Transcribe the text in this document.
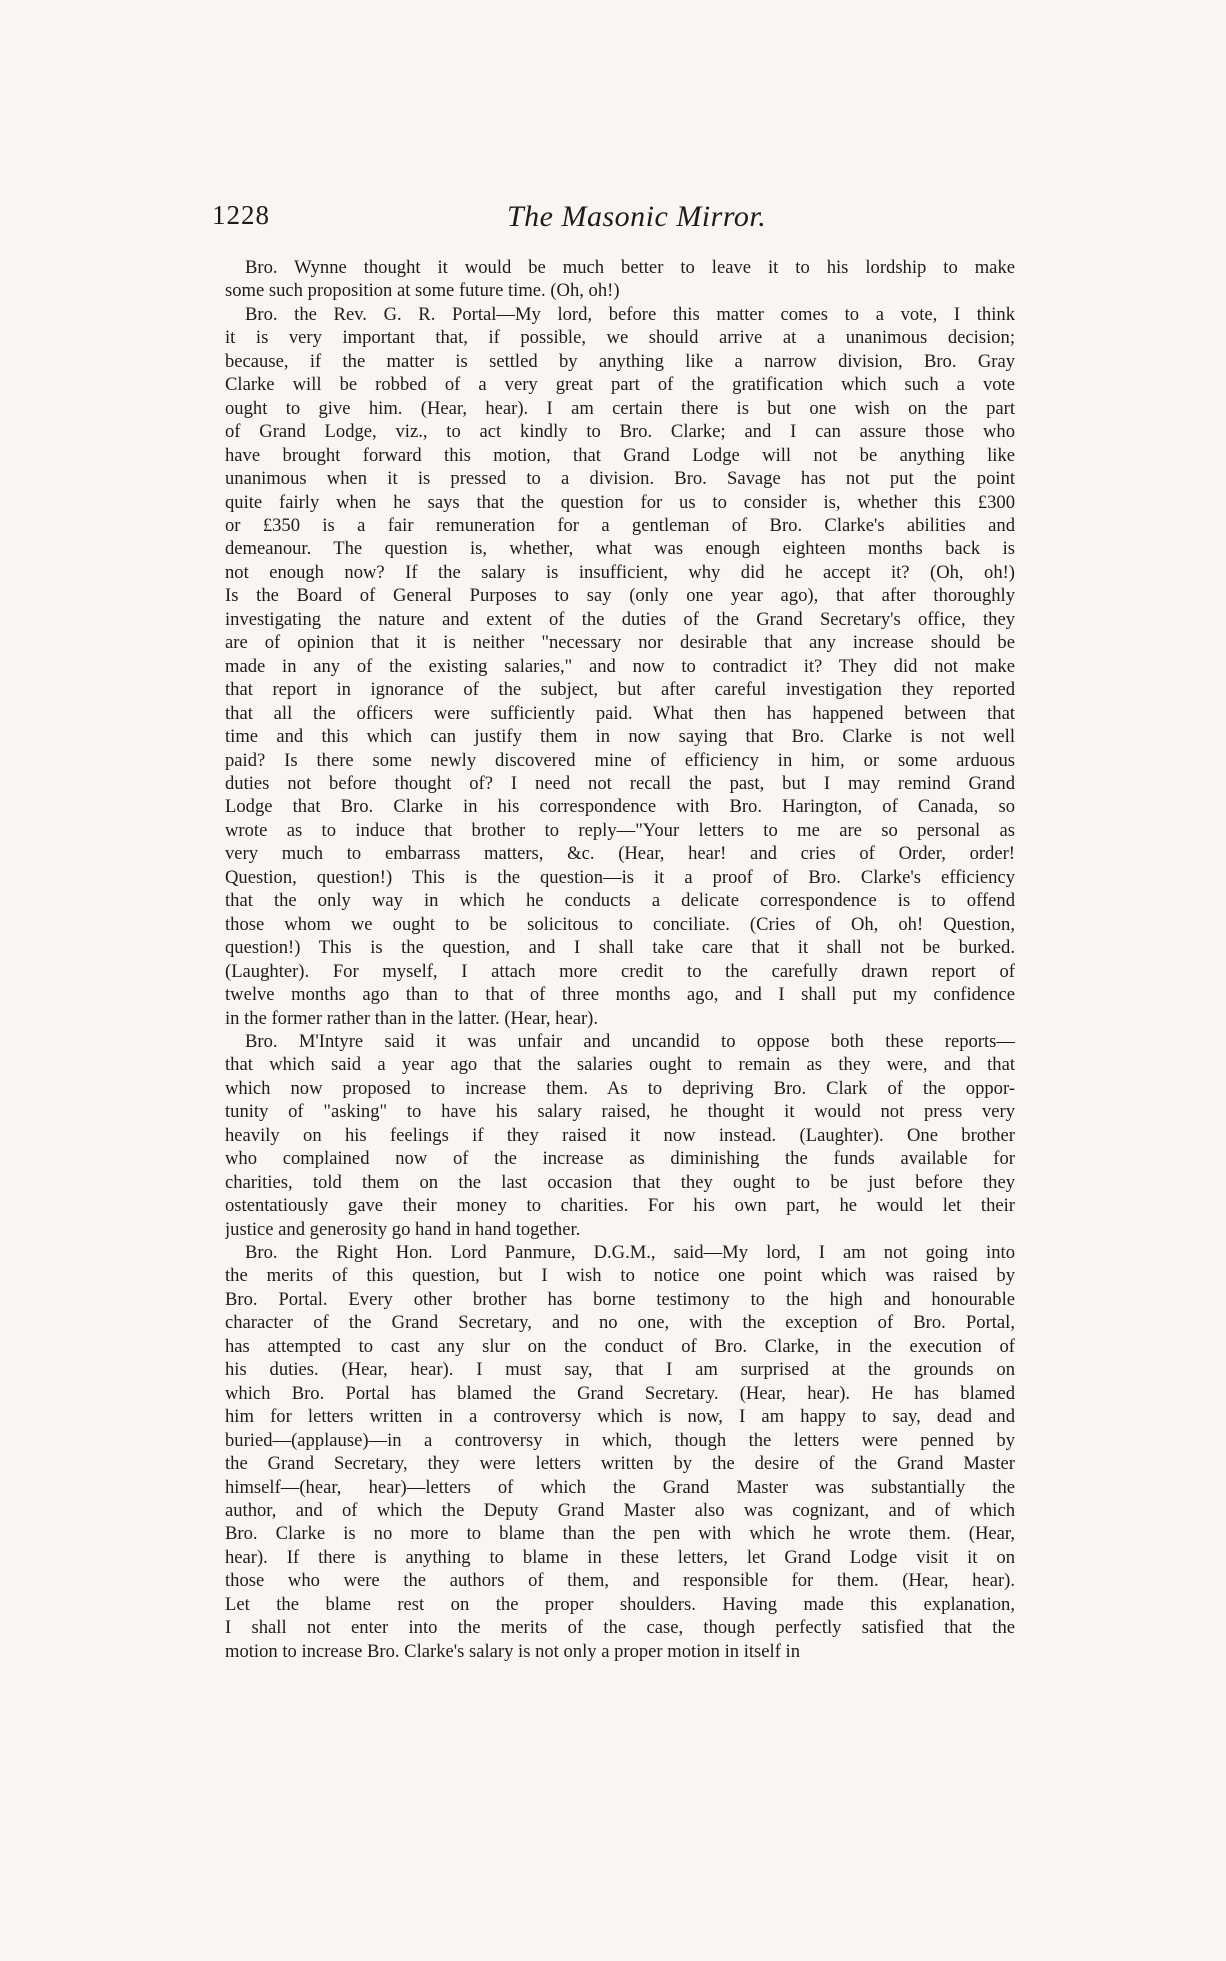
1228	The Masonic Mirror.

Bro. Wynne thought it would be much better to leave it to his lordship to make
some such proposition at some future time. (Oh, oh!)

Bro. the Rev. G. R. Portal—My lord, before this matter comes to a vote, I think
it is very important that, if possible, we should arrive at a unanimous decision;
because, if the matter is settled by anything like a narrow division, Bro. Gray
Clarke will be robbed of a very great part of the gratification which such a vote
ought to give him. (Hear, hear). I am certain there is but one wish on the part
of Grand Lodge, viz., to act kindly to Bro. Clarke; and I can assure those who
have brought forward this motion, that Grand Lodge will not be anything like
unanimous when it is pressed to a division. Bro. Savage has not put the point
quite fairly when he says that the question for us to consider is, whether this £300
or £350 is a fair remuneration for a gentleman of Bro. Clarke's abilities and
demeanour. The question is, whether, what was enough eighteen months back is
not enough now? If the salary is insufficient, why did he accept it? (Oh, oh!)
Is the Board of General Purposes to say (only one year ago), that after thoroughly
investigating the nature and extent of the duties of the Grand Secretary's office, they
are of opinion that it is neither "necessary nor desirable that any increase should be
made in any of the existing salaries," and now to contradict it? They did not make
that report in ignorance of the subject, but after careful investigation they reported
that all the officers were sufficiently paid. What then has happened between that
time and this which can justify them in now saying that Bro. Clarke is not well
paid? Is there some newly discovered mine of efficiency in him, or some arduous
duties not before thought of? I need not recall the past, but I may remind Grand
Lodge that Bro. Clarke in his correspondence with Bro. Harington, of Canada, so
wrote as to induce that brother to reply—"Your letters to me are so personal as
very much to embarrass matters, &c. (Hear, hear! and cries of Order, order!
Question, question!) This is the question—is it a proof of Bro. Clarke's efficiency
that the only way in which he conducts a delicate correspondence is to offend
those whom we ought to be solicitous to conciliate. (Cries of Oh, oh! Question,
question!) This is the question, and I shall take care that it shall not be burked.
(Laughter). For myself, I attach more credit to the carefully drawn report of
twelve months ago than to that of three months ago, and I shall put my confidence
in the former rather than in the latter. (Hear, hear).

Bro. M'Intyre said it was unfair and uncandid to oppose both these reports—
that which said a year ago that the salaries ought to remain as they were, and that
which now proposed to increase them. As to depriving Bro. Clark of the oppor-
tunity of "asking" to have his salary raised, he thought it would not press very
heavily on his feelings if they raised it now instead. (Laughter). One brother
who complained now of the increase as diminishing the funds available for
charities, told them on the last occasion that they ought to be just before they
ostentatiously gave their money to charities. For his own part, he would let their
justice and generosity go hand in hand together.

Bro. the Right Hon. Lord Panmure, D.G.M., said—My lord, I am not going into
the merits of this question, but I wish to notice one point which was raised by
Bro. Portal. Every other brother has borne testimony to the high and honourable
character of the Grand Secretary, and no one, with the exception of Bro. Portal,
has attempted to cast any slur on the conduct of Bro. Clarke, in the execution of
his duties. (Hear, hear). I must say, that I am surprised at the grounds on
which Bro. Portal has blamed the Grand Secretary. (Hear, hear). He has blamed
him for letters written in a controversy which is now, I am happy to say, dead and
buried—(applause)—in a controversy in which, though the letters were penned by
the Grand Secretary, they were letters written by the desire of the Grand Master
himself—(hear, hear)—letters of which the Grand Master was substantially the
author, and of which the Deputy Grand Master also was cognizant, and of which
Bro. Clarke is no more to blame than the pen with which he wrote them. (Hear,
hear). If there is anything to blame in these letters, let Grand Lodge visit it on
those who were the authors of them, and responsible for them. (Hear, hear).
Let the blame rest on the proper shoulders. Having made this explanation,
I shall not enter into the merits of the case, though perfectly satisfied that the
motion to increase Bro. Clarke's salary is not only a proper motion in itself in
